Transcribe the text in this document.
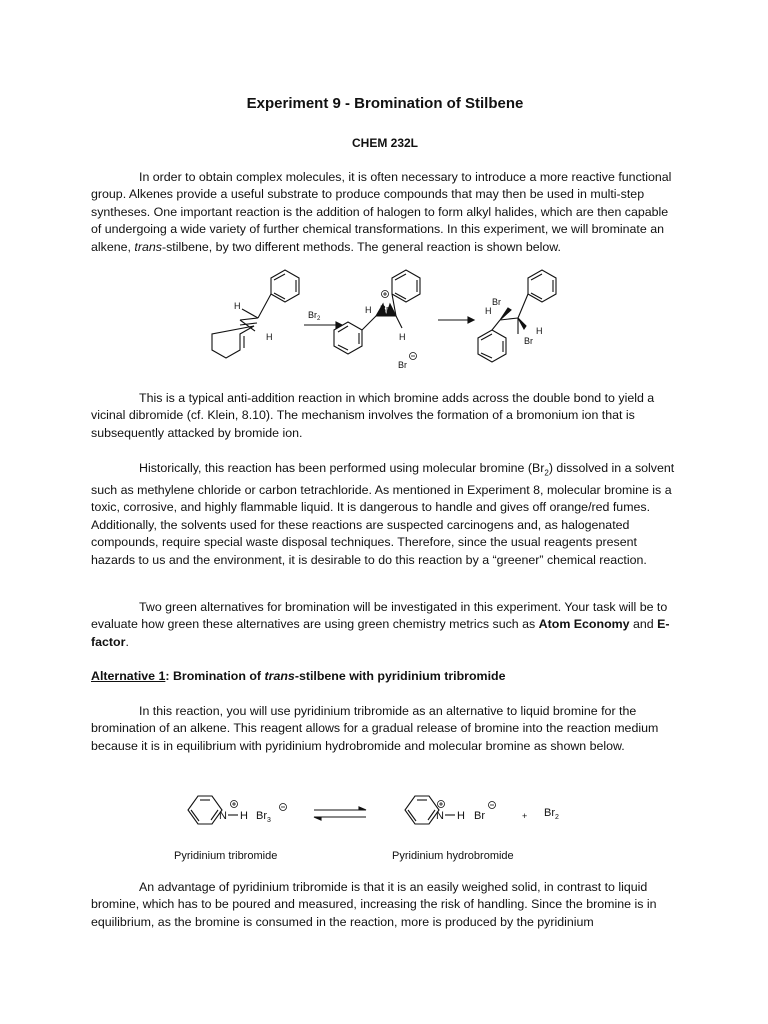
Experiment 9 - Bromination of Stilbene
CHEM 232L

In order to obtain complex molecules, it is often necessary to introduce a more reactive functional group. Alkenes provide a useful substrate to produce compounds that may then be used in multi-step syntheses. One important reaction is the addition of halogen to form alkyl halides, which are then capable of undergoing a wide variety of further chemical transformations. In this experiment, we will brominate an alkene, trans-stilbene, by two different methods. The general reaction is shown below.

H
H
$Br_2$
H Br
H
Br
Br
H
H
Br

This is a typical anti-addition reaction in which bromine adds across the double bond to yield a vicinal dibromide (cf. Klein, 8.10). The mechanism involves the formation of a bromonium ion that is subsequently attacked by bromide ion.

Historically, this reaction has been performed using molecular bromine $(Br_2)$ dissolved in a solvent such as methylene chloride or carbon tetrachloride. As mentioned in Experiment 8, molecular bromine is a toxic, corrosive, and highly flammable liquid. It is dangerous to handle and gives off orange/red fumes. Additionally, the solvents used for these reactions are suspected carcinogens and, as halogenated compounds, require special waste disposal techniques. Therefore, since the usual reagents present hazards to us and the environment, it is desirable to do this reaction by a “greener” chemical reaction.

Two green alternatives for bromination will be investigated in this experiment. Your task will be to evaluate how green these alternatives are using green chemistry metrics such as Atom Economy and E-factor.

Alternative 1: Bromination of trans-stilbene with pyridinium tribromide

In this reaction, you will use pyridinium tribromide as an alternative to liquid bromine for the bromination of an alkene. This reagent allows for a gradual release of bromine into the reaction medium because it is in equilibrium with pyridinium hydrobromide and molecular bromine as shown below.

N H $Br_3$	N H Br	+ $Br_2$
Pyridinium tribromide	Pyridinium hydrobromide

An advantage of pyridinium tribromide is that it is an easily weighed solid, in contrast to liquid bromine, which has to be poured and measured, increasing the risk of handling. Since the bromine is in equilibrium, as the bromine is consumed in the reaction, more is produced by the pyridinium
